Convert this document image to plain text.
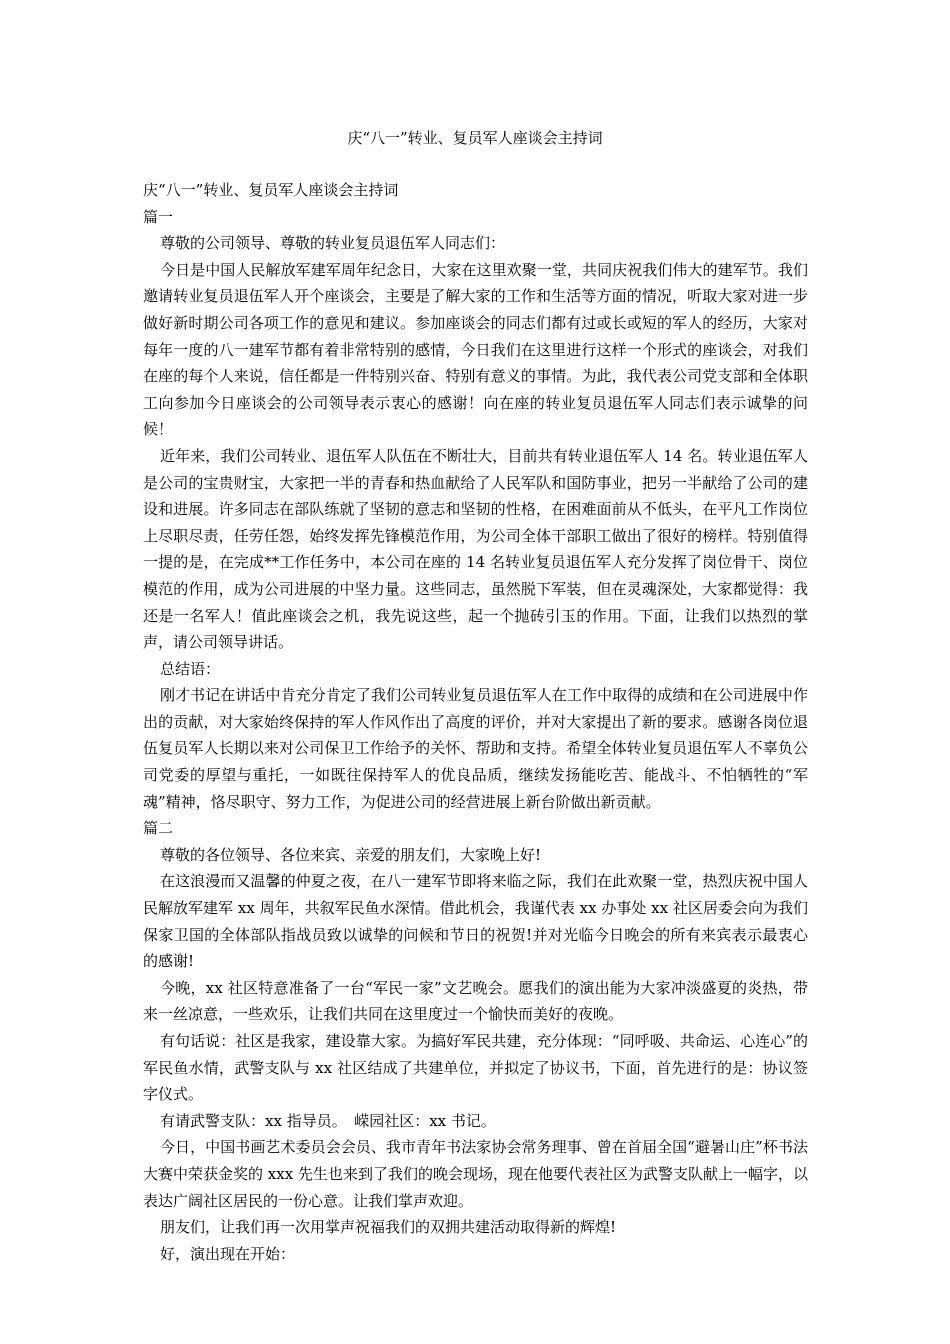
庆“八一”转业、复员军人座谈会主持词

庆“八一”转业、复员军人座谈会主持词

篇一

尊敬的公司领导、尊敬的转业复员退伍军人同志们：

今日是中国人民解放军建军周年纪念日，大家在这里欢聚一堂，共同庆祝我们伟大的建军节。我们邀请转业复员退伍军人开个座谈会，主要是了解大家的工作和生活等方面的情况，听取大家对进一步做好新时期公司各项工作的意见和建议。参加座谈会的同志们都有过或长或短的军人的经历，大家对每年一度的八一建军节都有着非常特别的感情，今日我们在这里进行这样一个形式的座谈会，对我们在座的每个人来说，信任都是一件特别兴奋、特别有意义的事情。为此，我代表公司党支部和全体职工向参加今日座谈会的公司领导表示衷心的感谢！向在座的转业复员退伍军人同志们表示诚挚的问候！

近年来，我们公司转业、退伍军人队伍在不断壮大，目前共有转业退伍军人 14 名。转业退伍军人是公司的宝贵财宝，大家把一半的青春和热血献给了人民军队和国防事业，把另一半献给了公司的建设和进展。许多同志在部队练就了坚韧的意志和坚韧的性格，在困难面前从不低头，在平凡工作岗位上尽职尽责，任劳任怨，始终发挥先锋模范作用，为公司全体干部职工做出了很好的榜样。特别值得一提的是，在完成**工作任务中，本公司在座的 14 名转业复员退伍军人充分发挥了岗位骨干、岗位模范的作用，成为公司进展的中坚力量。这些同志，虽然脱下军装，但在灵魂深处，大家都觉得：我还是一名军人！值此座谈会之机，我先说这些，起一个抛砖引玉的作用。下面，让我们以热烈的掌声，请公司领导讲话。

总结语：

刚才书记在讲话中肯充分肯定了我们公司转业复员退伍军人在工作中取得的成绩和在公司进展中作出的贡献，对大家始终保持的军人作风作出了高度的评价，并对大家提出了新的要求。感谢各岗位退伍复员军人长期以来对公司保卫工作给予的关怀、帮助和支持。希望全体转业复员退伍军人不辜负公司党委的厚望与重托，一如既往保持军人的优良品质，继续发扬能吃苦、能战斗、不怕牺牲的“军魂”精神，恪尽职守、努力工作，为促进公司的经营进展上新台阶做出新贡献。

篇二

尊敬的各位领导、各位来宾、亲爱的朋友们，大家晚上好!

在这浪漫而又温馨的仲夏之夜，在八一建军节即将来临之际，我们在此欢聚一堂，热烈庆祝中国人民解放军建军 xx 周年，共叙军民鱼水深情。借此机会，我谨代表 xx 办事处 xx 社区居委会向为我们保家卫国的全体部队指战员致以诚挚的问候和节日的祝贺!并对光临今日晚会的所有来宾表示最衷心的感谢!

今晚，xx 社区特意准备了一台“军民一家”文艺晚会。愿我们的演出能为大家冲淡盛夏的炎热，带来一丝凉意，一些欢乐，让我们共同在这里度过一个愉快而美好的夜晚。

有句话说：社区是我家，建设靠大家。为搞好军民共建，充分体现：“同呼吸、共命运、心连心”的军民鱼水情，武警支队与 xx 社区结成了共建单位，并拟定了协议书，下面，首先进行的是：协议签字仪式。

有请武警支队：xx 指导员。　嵘园社区：xx 书记。

今日，中国书画艺术委员会会员、我市青年书法家协会常务理事、曾在首届全国“避暑山庄”杯书法大赛中荣获金奖的 xxx 先生也来到了我们的晚会现场，现在他要代表社区为武警支队献上一幅字，以表达广阔社区居民的一份心意。让我们掌声欢迎。

朋友们，让我们再一次用掌声祝福我们的双拥共建活动取得新的辉煌!

好，演出现在开始：
